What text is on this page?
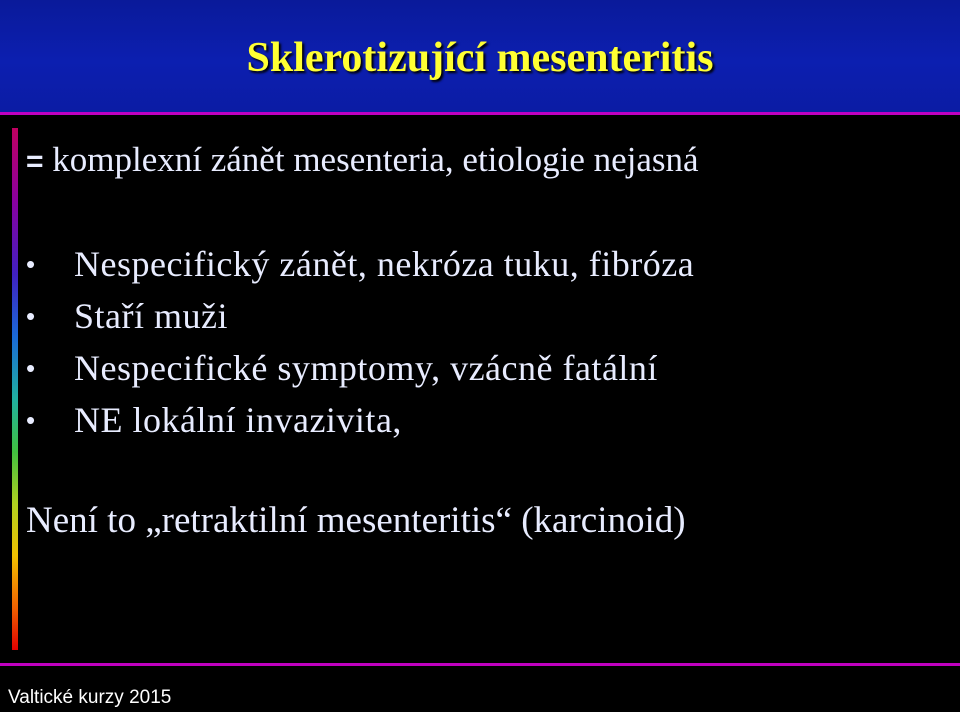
Sklerotizující mesenteritis

= komplexní zánět mesenteria, etiologie nejasná

•	Nespecifický zánět, nekróza tuku, fibróza
•	Staří muži
•	Nespecifické symptomy, vzácně fatální
•	NE lokální invazivita,

Není to „retraktilní mesenteritis“ (karcinoid)

Valtické kurzy 2015
